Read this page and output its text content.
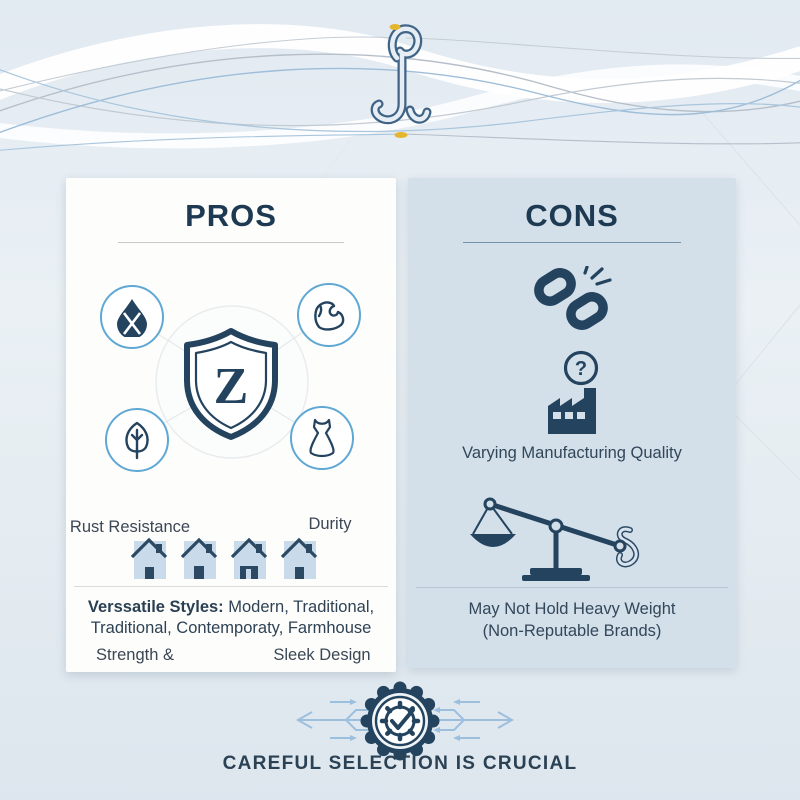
PROS
Rust Resistance	Durity
Strength &	Sleek Design
Z

Verssatile Styles: Modern, Traditional,
Traditional, Contemporaty, Farmhouse

CONS
?

Varying Manufacturing Quality

May Not Hold Heavy Weight
(Non-Reputable Brands)

CAREFUL SELECTION IS CRUCIAL
